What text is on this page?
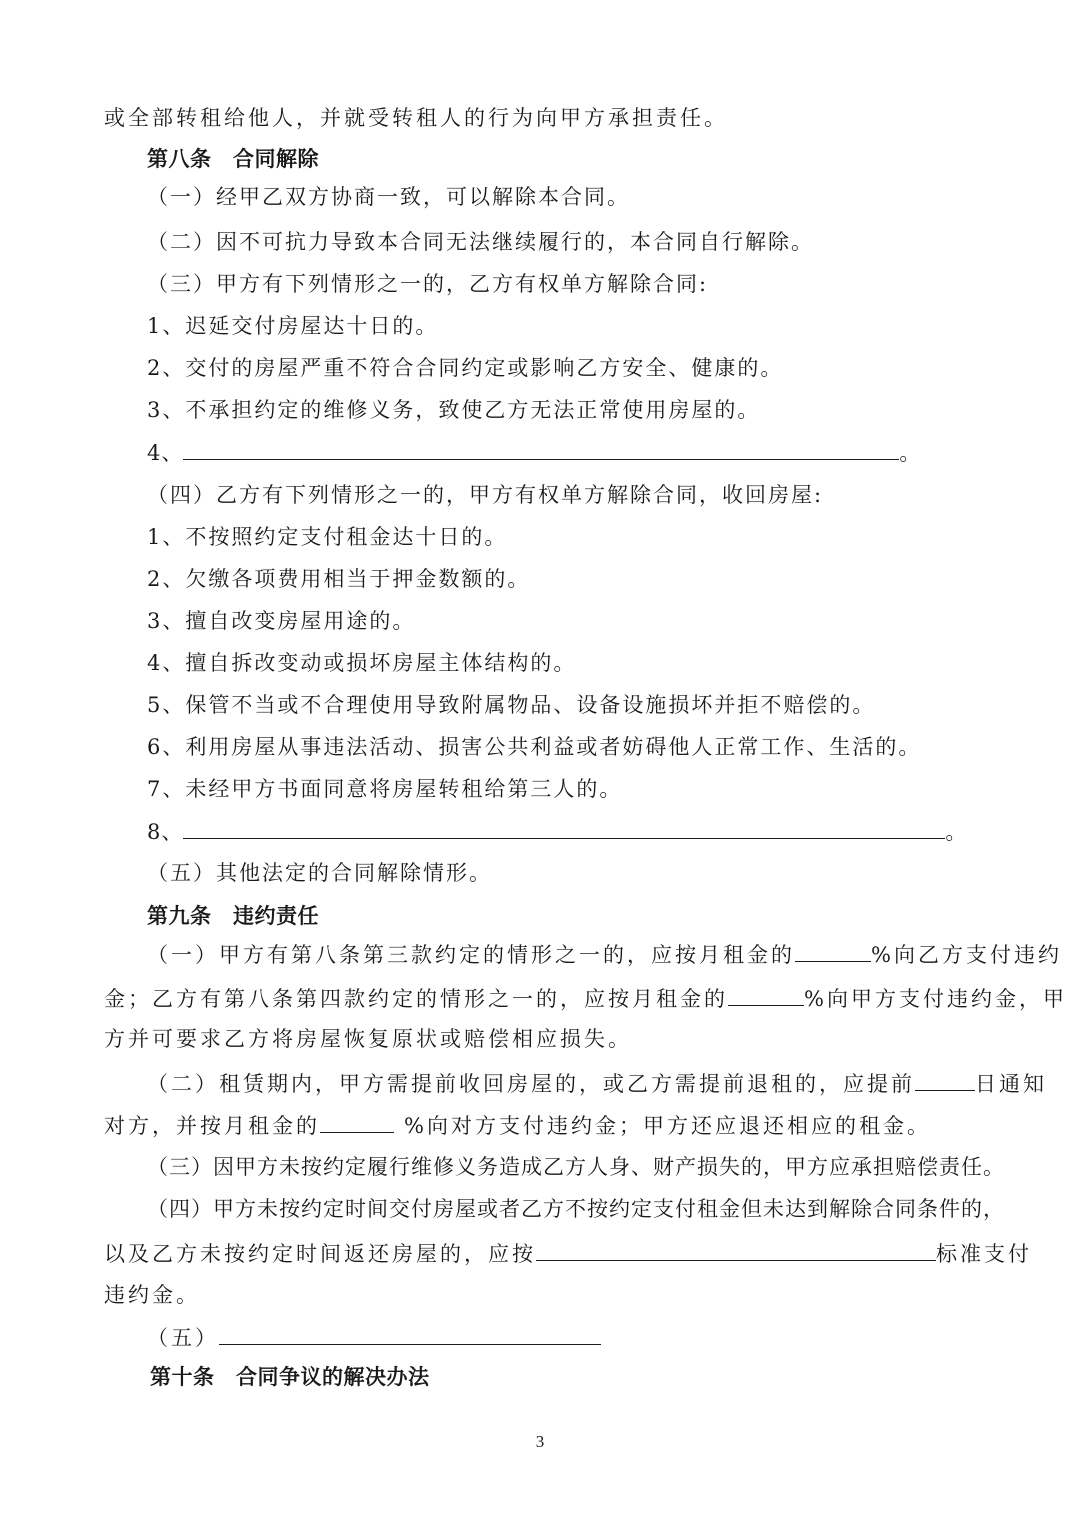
或全部转租给他人，并就受转租人的行为向甲方承担责任。
第八条　合同解除
（一）经甲乙双方协商一致，可以解除本合同。
（二）因不可抗力导致本合同无法继续履行的，本合同自行解除。
（三）甲方有下列情形之一的，乙方有权单方解除合同:
1、迟延交付房屋达十日的。
2、交付的房屋严重不符合合同约定或影响乙方安全、健康的。
3、不承担约定的维修义务，致使乙方无法正常使用房屋的。
4、	。
（四）乙方有下列情形之一的，甲方有权单方解除合同，收回房屋:
1、不按照约定支付租金达十日的。
2、欠缴各项费用相当于押金数额的。
3、擅自改变房屋用途的。
4、擅自拆改变动或损坏房屋主体结构的。
5、保管不当或不合理使用导致附属物品、设备设施损坏并拒不赔偿的。
6、利用房屋从事违法活动、损害公共利益或者妨碍他人正常工作、生活的。
7、未经甲方书面同意将房屋转租给第三人的。
8、	。
（五）其他法定的合同解除情形。
第九条　违约责任
（一）甲方有第八条第三款约定的情形之一的，应按月租金的	%向乙方支付违约
金；乙方有第八条第四款约定的情形之一的，应按月租金的	%向甲方支付违约金，甲
方并可要求乙方将房屋恢复原状或赔偿相应损失。
（二）租赁期内，甲方需提前收回房屋的，或乙方需提前退租的，应提前	日通知
对方，并按月租金的	%向对方支付违约金；甲方还应退还相应的租金。
（三）因甲方未按约定履行维修义务造成乙方人身、财产损失的，甲方应承担赔偿责任。
（四）甲方未按约定时间交付房屋或者乙方不按约定支付租金但未达到解除合同条件的，
以及乙方未按约定时间返还房屋的，应按	标准支付
违约金。
（五）
第十条　合同争议的解决办法
3
